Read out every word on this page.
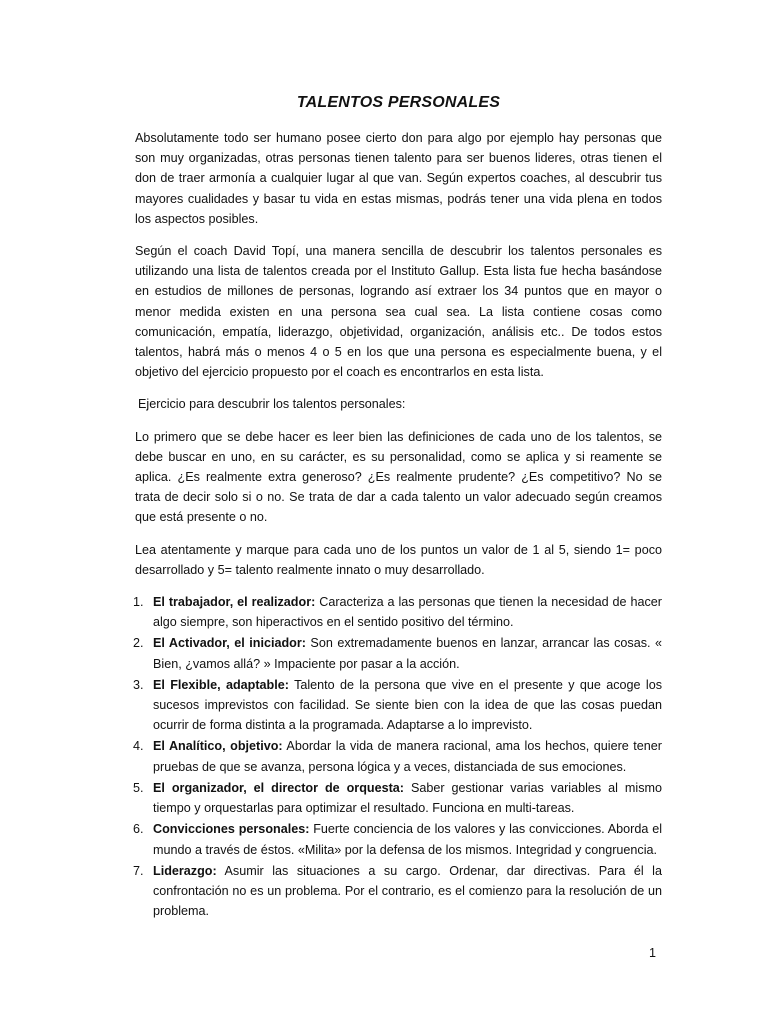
TALENTOS PERSONALES

Absolutamente todo ser humano posee cierto don para algo por ejemplo hay personas que son muy organizadas, otras personas tienen talento para ser buenos lideres, otras tienen el don de traer armonía a cualquier lugar al que van. Según expertos coaches, al descubrir tus mayores cualidades y basar tu vida en estas mismas, podrás tener una vida plena en todos los aspectos posibles.

Según el coach David Topí, una manera sencilla de descubrir los talentos personales es utilizando una lista de talentos creada por el Instituto Gallup. Esta lista fue hecha basándose en estudios de millones de personas, logrando así extraer los 34 puntos que en mayor o menor medida existen en una persona sea cual sea. La lista contiene cosas como comunicación, empatía, liderazgo, objetividad, organización, análisis etc.. De todos estos talentos, habrá más o menos 4 o 5 en los que una persona es especialmente buena, y el objetivo del ejercicio propuesto por el coach es encontrarlos en esta lista.

Ejercicio para descubrir los talentos personales:

Lo primero que se debe hacer es leer bien las definiciones de cada uno de los talentos, se debe buscar en uno, en su carácter, es su personalidad, como se aplica y si reamente se aplica. ¿Es realmente extra generoso? ¿Es realmente prudente? ¿Es competitivo? No se trata de decir solo si o no. Se trata de dar a cada talento un valor adecuado según creamos que está presente o no.

Lea atentamente y marque para cada uno de los puntos un valor de 1 al 5, siendo 1= poco desarrollado y 5= talento realmente innato o muy desarrollado.

1. El trabajador, el realizador: Caracteriza a las personas que tienen la necesidad de hacer algo siempre, son hiperactivos en el sentido positivo del término.
2. El Activador, el iniciador: Son extremadamente buenos en lanzar, arrancar las cosas. « Bien, ¿vamos allá? » Impaciente por pasar a la acción.
3. El Flexible, adaptable: Talento de la persona que vive en el presente y que acoge los sucesos imprevistos con facilidad. Se siente bien con la idea de que las cosas puedan ocurrir de forma distinta a la programada. Adaptarse a lo imprevisto.
4. El Analítico, objetivo: Abordar la vida de manera racional, ama los hechos, quiere tener pruebas de que se avanza, persona lógica y a veces, distanciada de sus emociones.
5. El organizador, el director de orquesta: Saber gestionar varias variables al mismo tiempo y orquestarlas para optimizar el resultado. Funciona en multi-tareas.
6. Convicciones personales: Fuerte conciencia de los valores y las convicciones. Aborda el mundo a través de éstos. «Milita» por la defensa de los mismos. Integridad y congruencia.
7. Liderazgo: Asumir las situaciones a su cargo. Ordenar, dar directivas. Para él la confrontación no es un problema. Por el contrario, es el comienzo para la resolución de un problema.
1
